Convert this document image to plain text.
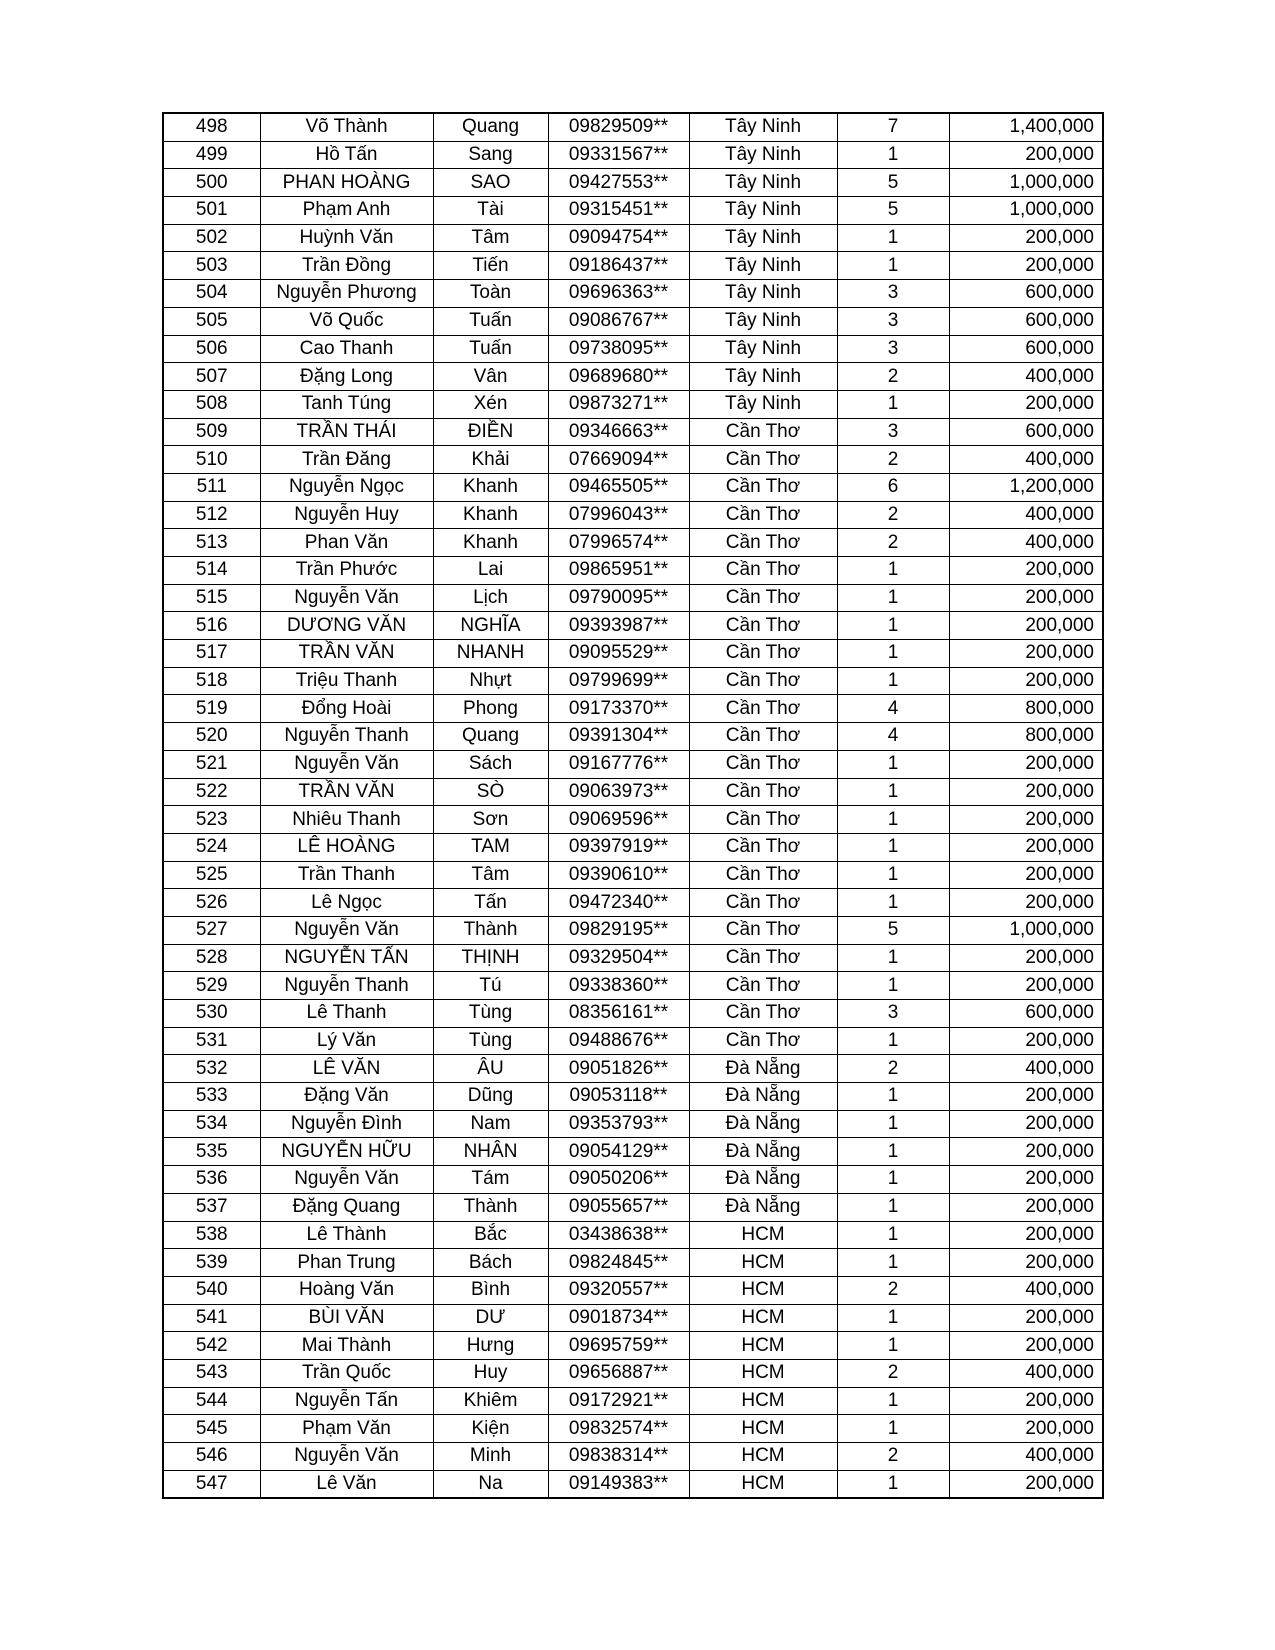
498	Võ Thành	Quang	09829509**	Tây Ninh	7	1,400,000
499	Hồ Tấn	Sang	09331567**	Tây Ninh	1	200,000
500	PHAN HOÀNG	SAO	09427553**	Tây Ninh	5	1,000,000
501	Phạm Anh	Tài	09315451**	Tây Ninh	5	1,000,000
502	Huỳnh Văn	Tâm	09094754**	Tây Ninh	1	200,000
503	Trần Đồng	Tiến	09186437**	Tây Ninh	1	200,000
504	Nguyễn Phương	Toàn	09696363**	Tây Ninh	3	600,000
505	Võ Quốc	Tuấn	09086767**	Tây Ninh	3	600,000
506	Cao Thanh	Tuấn	09738095**	Tây Ninh	3	600,000
507	Đặng Long	Vân	09689680**	Tây Ninh	2	400,000
508	Tanh Túng	Xén	09873271**	Tây Ninh	1	200,000
509	TRẦN THÁI	ĐIỀN	09346663**	Cần Thơ	3	600,000
510	Trần Đăng	Khải	07669094**	Cần Thơ	2	400,000
511	Nguyễn Ngọc	Khanh	09465505**	Cần Thơ	6	1,200,000
512	Nguyễn Huy	Khanh	07996043**	Cần Thơ	2	400,000
513	Phan Văn	Khanh	07996574**	Cần Thơ	2	400,000
514	Trần Phước	Lai	09865951**	Cần Thơ	1	200,000
515	Nguyễn Văn	Lịch	09790095**	Cần Thơ	1	200,000
516	DƯƠNG VĂN	NGHĨA	09393987**	Cần Thơ	1	200,000
517	TRẦN VĂN	NHANH	09095529**	Cần Thơ	1	200,000
518	Triệu Thanh	Nhựt	09799699**	Cần Thơ	1	200,000
519	Đổng Hoài	Phong	09173370**	Cần Thơ	4	800,000
520	Nguyễn Thanh	Quang	09391304**	Cần Thơ	4	800,000
521	Nguyễn Văn	Sách	09167776**	Cần Thơ	1	200,000
522	TRẦN VĂN	SÒ	09063973**	Cần Thơ	1	200,000
523	Nhiêu Thanh	Sơn	09069596**	Cần Thơ	1	200,000
524	LÊ HOÀNG	TAM	09397919**	Cần Thơ	1	200,000
525	Trần Thanh	Tâm	09390610**	Cần Thơ	1	200,000
526	Lê Ngọc	Tấn	09472340**	Cần Thơ	1	200,000
527	Nguyễn Văn	Thành	09829195**	Cần Thơ	5	1,000,000
528	NGUYỄN TẤN	THỊNH	09329504**	Cần Thơ	1	200,000
529	Nguyễn Thanh	Tú	09338360**	Cần Thơ	1	200,000
530	Lê Thanh	Tùng	08356161**	Cần Thơ	3	600,000
531	Lý Văn	Tùng	09488676**	Cần Thơ	1	200,000
532	LÊ VĂN	ÂU	09051826**	Đà Nẵng	2	400,000
533	Đặng Văn	Dũng	09053118**	Đà Nẵng	1	200,000
534	Nguyễn Đình	Nam	09353793**	Đà Nẵng	1	200,000
535	NGUYỄN HỮU	NHÂN	09054129**	Đà Nẵng	1	200,000
536	Nguyễn Văn	Tám	09050206**	Đà Nẵng	1	200,000
537	Đặng Quang	Thành	09055657**	Đà Nẵng	1	200,000
538	Lê Thành	Bắc	03438638**	HCM	1	200,000
539	Phan Trung	Bách	09824845**	HCM	1	200,000
540	Hoàng Văn	Bình	09320557**	HCM	2	400,000
541	BÙI VĂN	DƯ	09018734**	HCM	1	200,000
542	Mai Thành	Hưng	09695759**	HCM	1	200,000
543	Trần Quốc	Huy	09656887**	HCM	2	400,000
544	Nguyễn Tấn	Khiêm	09172921**	HCM	1	200,000
545	Phạm Văn	Kiện	09832574**	HCM	1	200,000
546	Nguyễn Văn	Minh	09838314**	HCM	2	400,000
547	Lê Văn	Na	09149383**	HCM	1	200,000
